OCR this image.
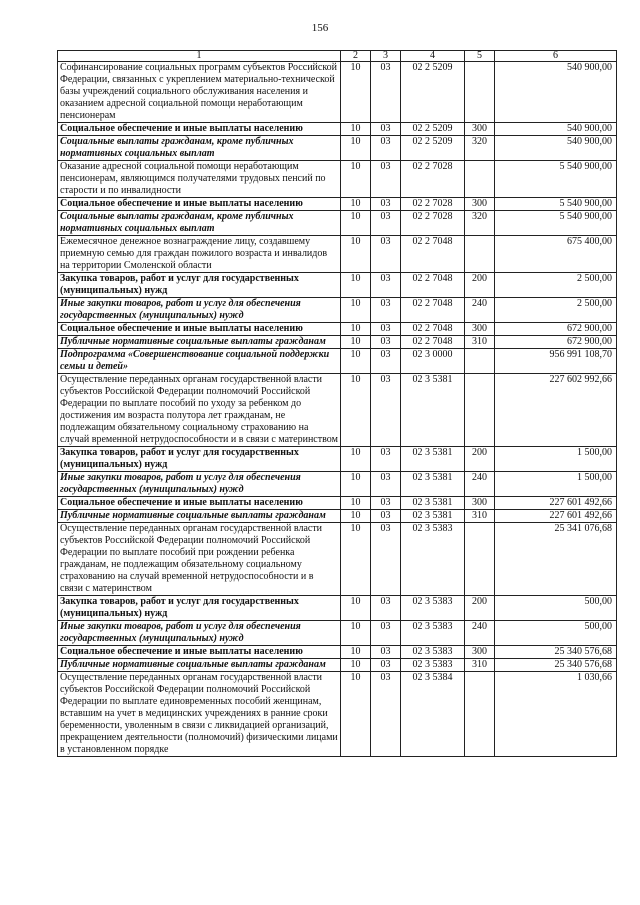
156
1	2	3	4	5	6
Софинансирование социальных программ субъектов Российской Федерации, связанных с укреплением материально-технической базы учреждений социального обслуживания населения и оказанием адресной социальной помощи неработающим пенсионерам	10	03	02 2 5209		540 900,00
Социальное обеспечение и иные выплаты населению	10	03	02 2 5209	300	540 900,00
Социальные выплаты гражданам, кроме публичных нормативных социальных выплат	10	03	02 2 5209	320	540 900,00
Оказание адресной социальной помощи неработающим пенсионерам, являющимся получателями трудовых пенсий по старости и по инвалидности	10	03	02 2 7028		5 540 900,00
Социальное обеспечение и иные выплаты населению	10	03	02 2 7028	300	5 540 900,00
Социальные выплаты гражданам, кроме публичных нормативных социальных выплат	10	03	02 2 7028	320	5 540 900,00
Ежемесячное денежное вознаграждение лицу, создавшему приемную семью для граждан пожилого возраста и инвалидов на территории Смоленской области	10	03	02 2 7048		675 400,00
Закупка товаров, работ и услуг для государственных (муниципальных) нужд	10	03	02 2 7048	200	2 500,00
Иные закупки товаров, работ и услуг для обеспечения государственных (муниципальных) нужд	10	03	02 2 7048	240	2 500,00
Социальное обеспечение и иные выплаты населению	10	03	02 2 7048	300	672 900,00
Публичные нормативные социальные выплаты гражданам	10	03	02 2 7048	310	672 900,00
Подпрограмма «Совершенствование социальной поддержки семьи и детей»	10	03	02 3 0000		956 991 108,70
Осуществление переданных органам государственной власти субъектов Российской Федерации полномочий Российской Федерации по выплате пособий по уходу за ребенком до достижения им возраста полутора лет гражданам, не подлежащим обязательному социальному страхованию на случай временной нетрудоспособности и в связи с материнством	10	03	02 3 5381		227 602 992,66
Закупка товаров, работ и услуг для государственных (муниципальных) нужд	10	03	02 3 5381	200	1 500,00
Иные закупки товаров, работ и услуг для обеспечения государственных (муниципальных) нужд	10	03	02 3 5381	240	1 500,00
Социальное обеспечение и иные выплаты населению	10	03	02 3 5381	300	227 601 492,66
Публичные нормативные социальные выплаты гражданам	10	03	02 3 5381	310	227 601 492,66
Осуществление переданных органам государственной власти субъектов Российской Федерации полномочий Российской Федерации по выплате пособий при рождении ребенка гражданам, не подлежащим обязательному социальному страхованию на случай временной нетрудоспособности и в связи с материнством	10	03	02 3 5383		25 341 076,68
Закупка товаров, работ и услуг для государственных (муниципальных) нужд	10	03	02 3 5383	200	500,00
Иные закупки товаров, работ и услуг для обеспечения государственных (муниципальных) нужд	10	03	02 3 5383	240	500,00
Социальное обеспечение и иные выплаты населению	10	03	02 3 5383	300	25 340 576,68
Публичные нормативные социальные выплаты гражданам	10	03	02 3 5383	310	25 340 576,68
Осуществление переданных органам государственной власти субъектов Российской Федерации полномочий Российской Федерации по выплате единовременных пособий женщинам, вставшим на учет в медицинских учреждениях в ранние сроки беременности, уволенным в связи с ликвидацией организаций, прекращением деятельности (полномочий) физическими лицами в установленном порядке	10	03	02 3 5384		1 030,66
